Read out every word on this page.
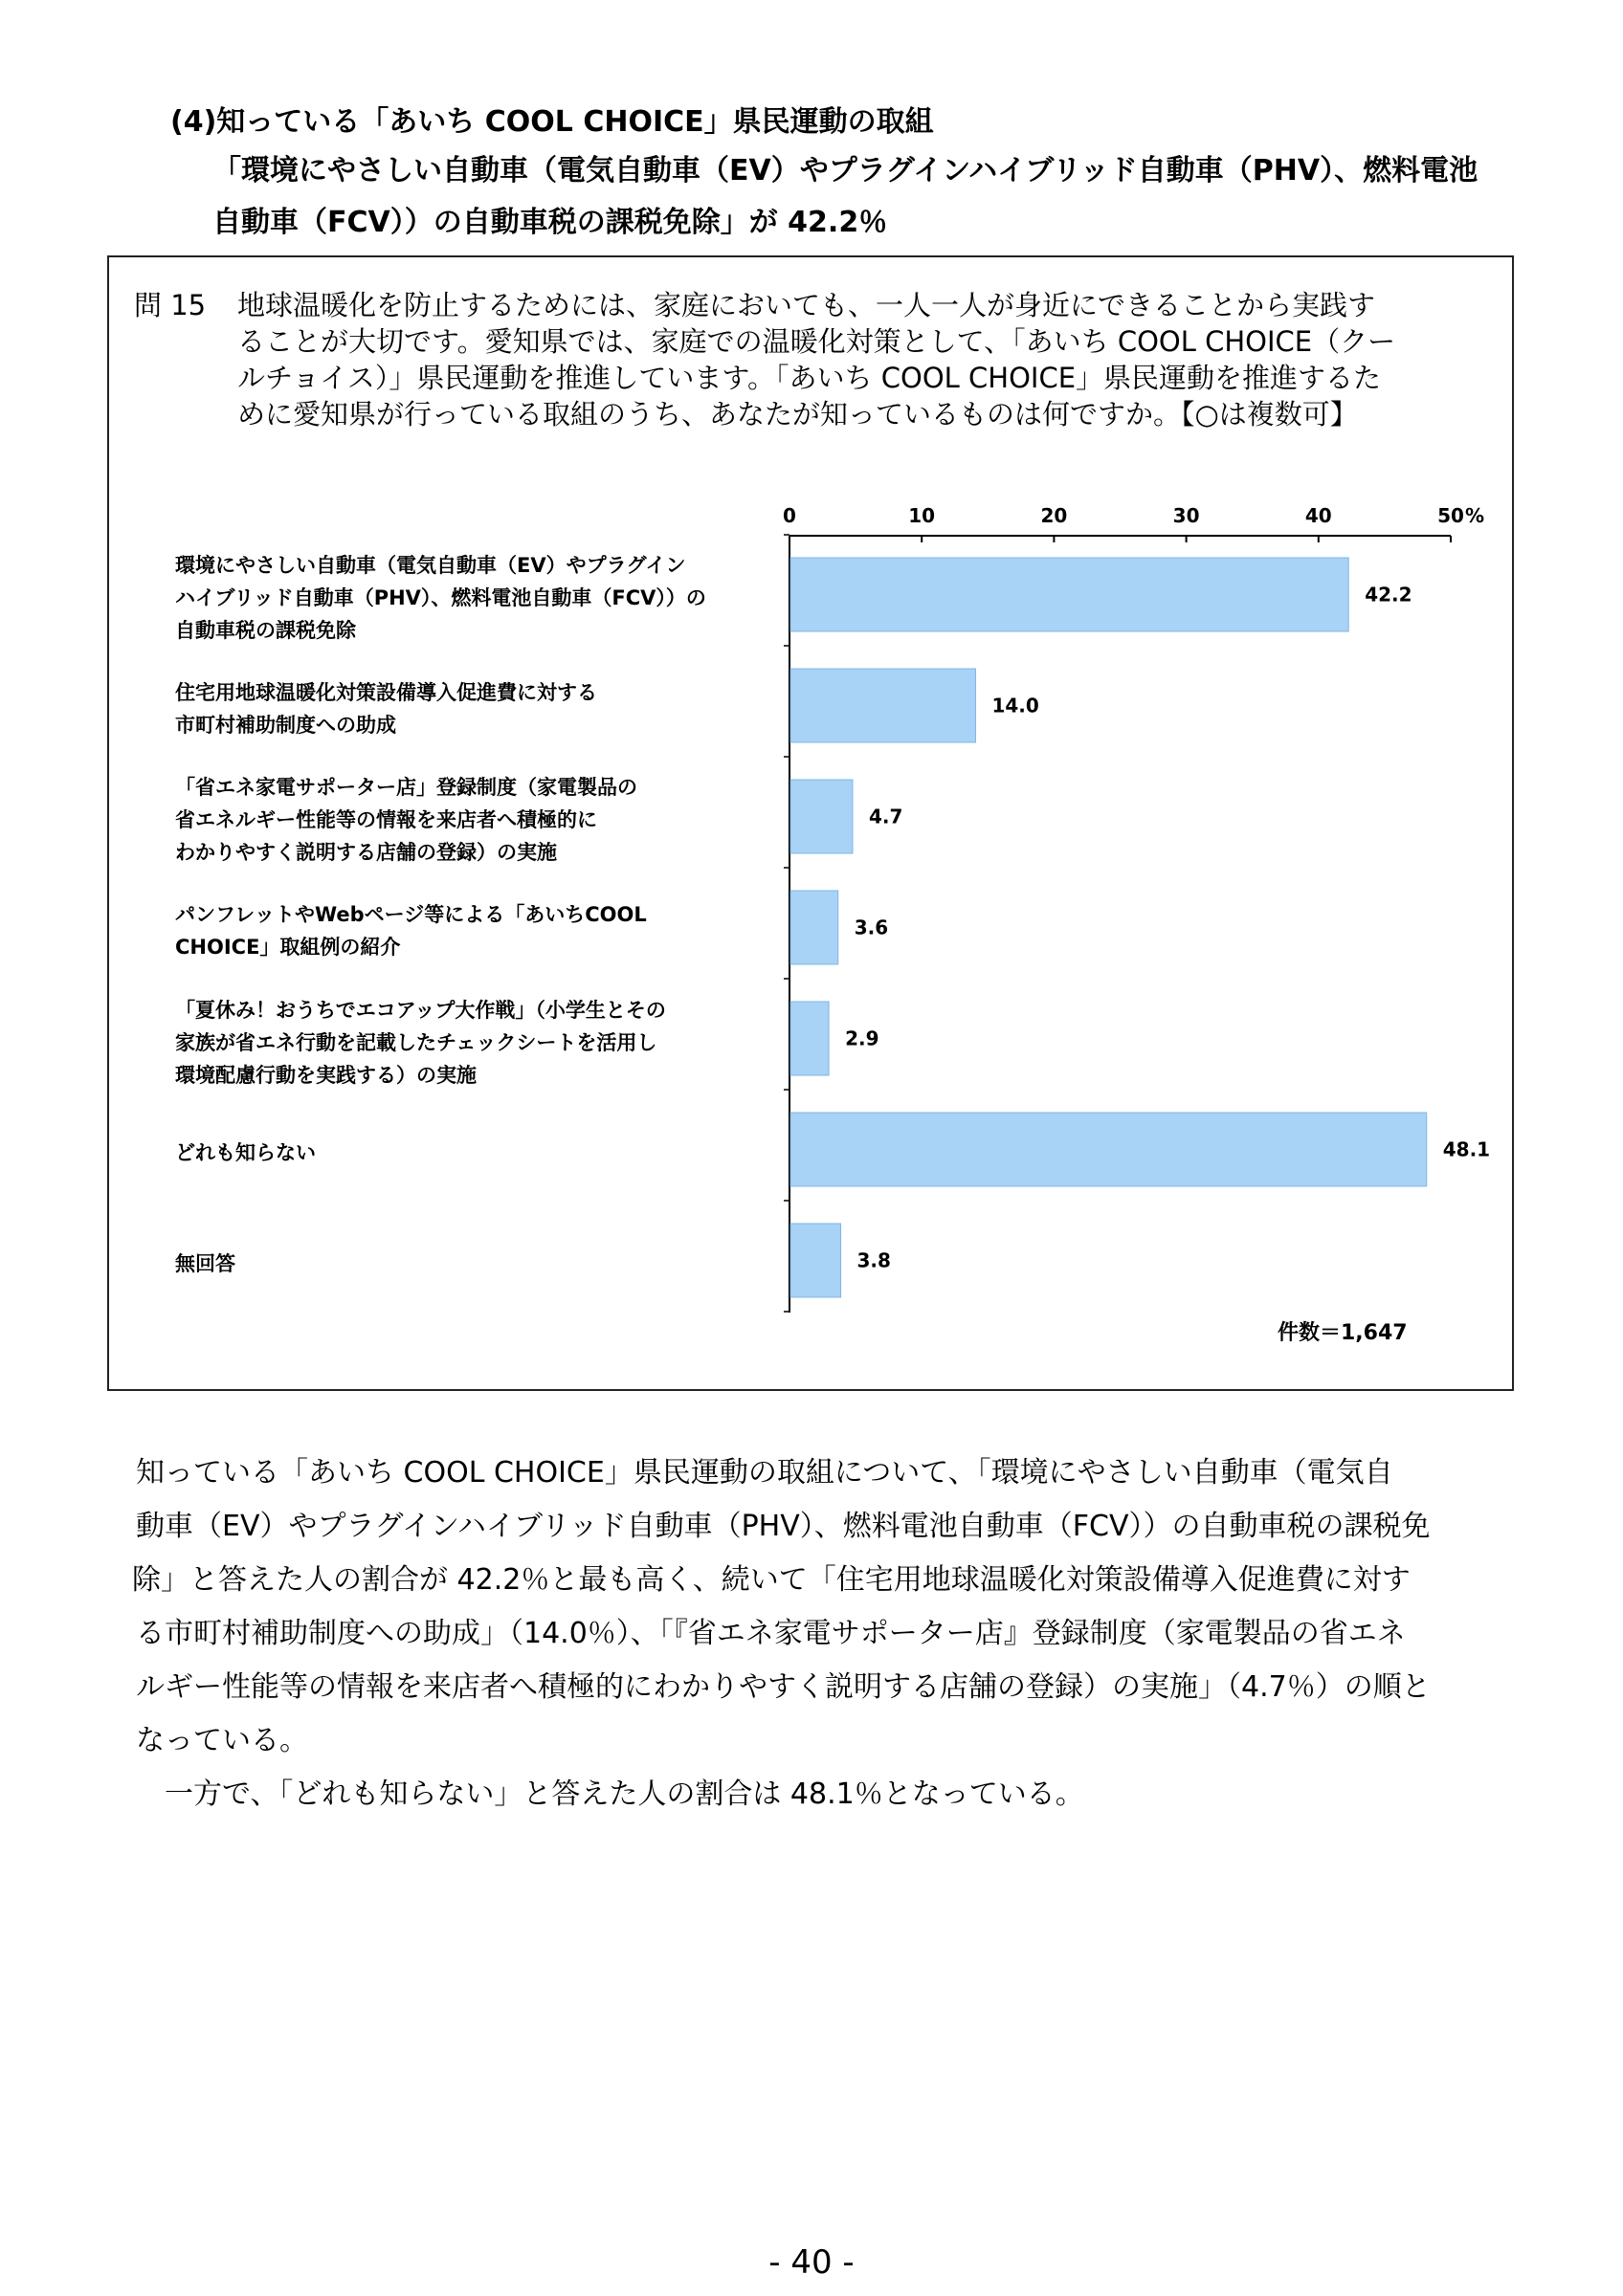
(4)知っている「あいち COOL CHOICE」県民運動の取組
「環境にやさしい自動車（電気自動車（EV）やプラグインハイブリッド自動車（PHV）、燃料電池
自動車（FCV））の自動車税の課税免除」が 42.2％
問 15 地球温暖化を防止するためには、家庭においても、一人一人が身近にできることから実践す
ることが大切です。愛知県では、家庭での温暖化対策として、「あいち COOL CHOICE（クー
ルチョイス）」県民運動を推進しています。「あいち COOL CHOICE」県民運動を推進するた
めに愛知県が行っている取組のうち、あなたが知っているものは何ですか。【○は複数可】
環境にやさしい自動車（電気自動車（EV）やプラグイン
ハイブリッド自動車（PHV）、燃料電池自動車（FCV））の
自動車税の課税免除
住宅用地球温暖化対策設備導入促進費に対する
市町村補助制度への助成
「省エネ家電サポーター店」登録制度（家電製品の
省エネルギー性能等の情報を来店者へ積極的に
わかりやすく説明する店舗の登録）の実施
パンフレットやWebページ等による「あいちCOOL
CHOICE」取組例の紹介
「夏休み！おうちでエコアップ大作戦」（小学生とその
家族が省エネ行動を記載したチェックシートを活用し
環境配慮行動を実践する）の実施
どれも知らない
無回答
0	10	20	30	40	50 %
42.2
14.0
4.7
3.6
2.9
48.1
3.8
件数＝1,647

知っている「あいち COOL CHOICE」県民運動の取組について、「環境にやさしい自動車（電気自

動車（EV）やプラグインハイブリッド自動車（PHV）、燃料電池自動車（FCV））の自動車税の課税免

除」と答えた人の割合が 42.2％と最も高く、続いて「住宅用地球温暖化対策設備導入促進費に対す

る市町村補助制度への助成」（14.0％）、「『省エネ家電サポーター店』登録制度（家電製品の省エネ

ルギー性能等の情報を来店者へ積極的にわかりやすく説明する店舗の登録）の実施」（4.7％）の順と

なっている。

一方で、「どれも知らない」と答えた人の割合は 48.1％となっている。

- 40 -
